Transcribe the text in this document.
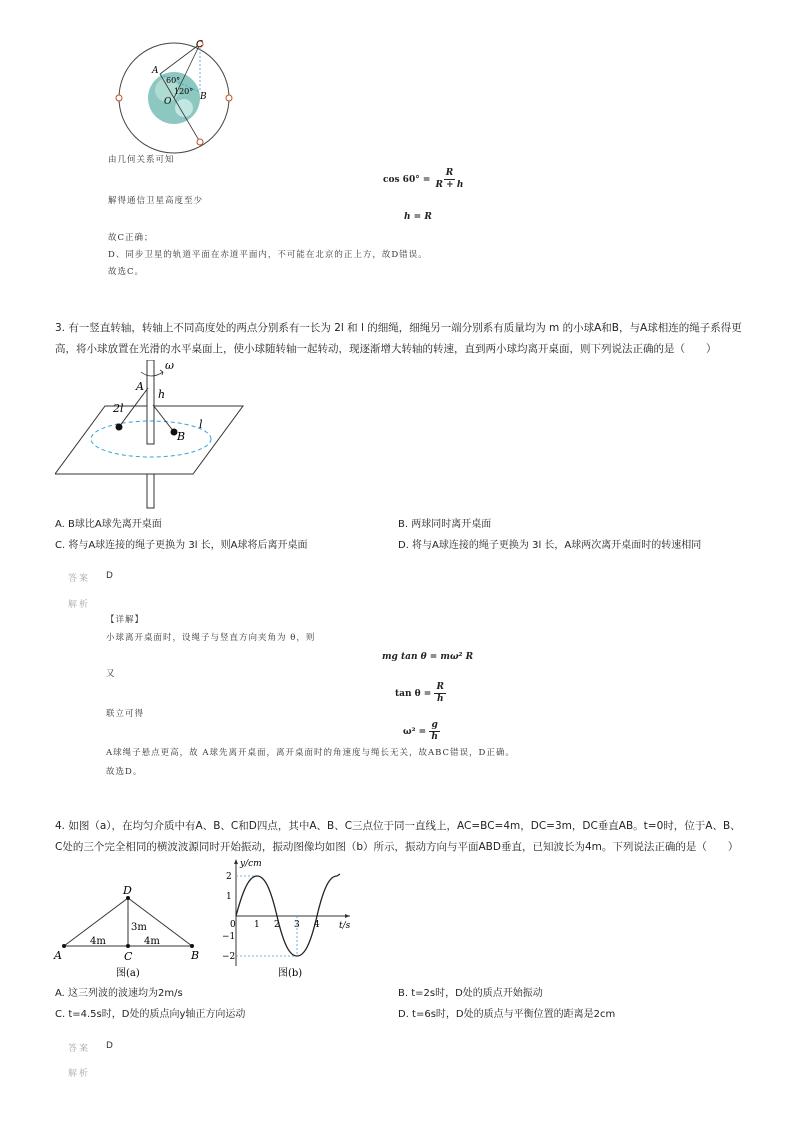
C
A
B
O
60°
120°
由几何关系可知
$\cos 60^\circ = \frac{R}{R + h}$
解得通信卫星高度至少
h = R
故C正确；
D、同步卫星的轨道平面在赤道平面内，不可能在北京的正上方，故D错误。
故选C。
3. 有一竖直转轴，转轴上不同高度处的两点分别系有一长为 2l 和 l 的细绳，细绳另一端分别系有质量均为 m 的小球A和B，与A球相连的绳子系得更高，将小球放置在光滑的水平桌面上，使小球随转轴一起转动，现逐渐增大转轴的转速，直到两小球均离开桌面，则下列说法正确的是（　　）
ω
A
h
2l
B
l
A. B球比A球先离开桌面	B. 两球同时离开桌面
C. 将与A球连接的绳子更换为 3l 长，则A球将后离开桌面	D. 将与A球连接的绳子更换为 3l 长，A球两次离开桌面时的转速相同
答案 D
解析
【详解】
小球离开桌面时，设绳子与竖直方向夹角为 θ，则
mg tan θ = mω² R
又
$\tan \theta = \frac{R}{h}$
联立可得
$\omega^2 = \frac{g}{h}$
A球绳子悬点更高，故 A球先离开桌面，离开桌面时的角速度与绳长无关，故ABC错误，D正确。
故选D。
4. 如图（a），在均匀介质中有A、B、C和D四点，其中A、B、C三点位于同一直线上，AC=BC=4m，DC=3m，DC垂直AB。t=0时，位于A、B、C处的三个完全相同的横波波源同时开始振动，振动图像均如图（b）所示，振动方向与平面ABD垂直，已知波长为4m。下列说法正确的是（　　）
D
A	C	B
4m	4m
3m
图(a)
y/cm
t/s
2
1
0
−1
−2
1 2 3 4
图(b)
A. 这三列波的波速均为2m/s	B. t=2s时，D处的质点开始振动
C. t=4.5s时，D处的质点向y轴正方向运动	D. t=6s时，D处的质点与平衡位置的距离是2cm
答案 D
解析
